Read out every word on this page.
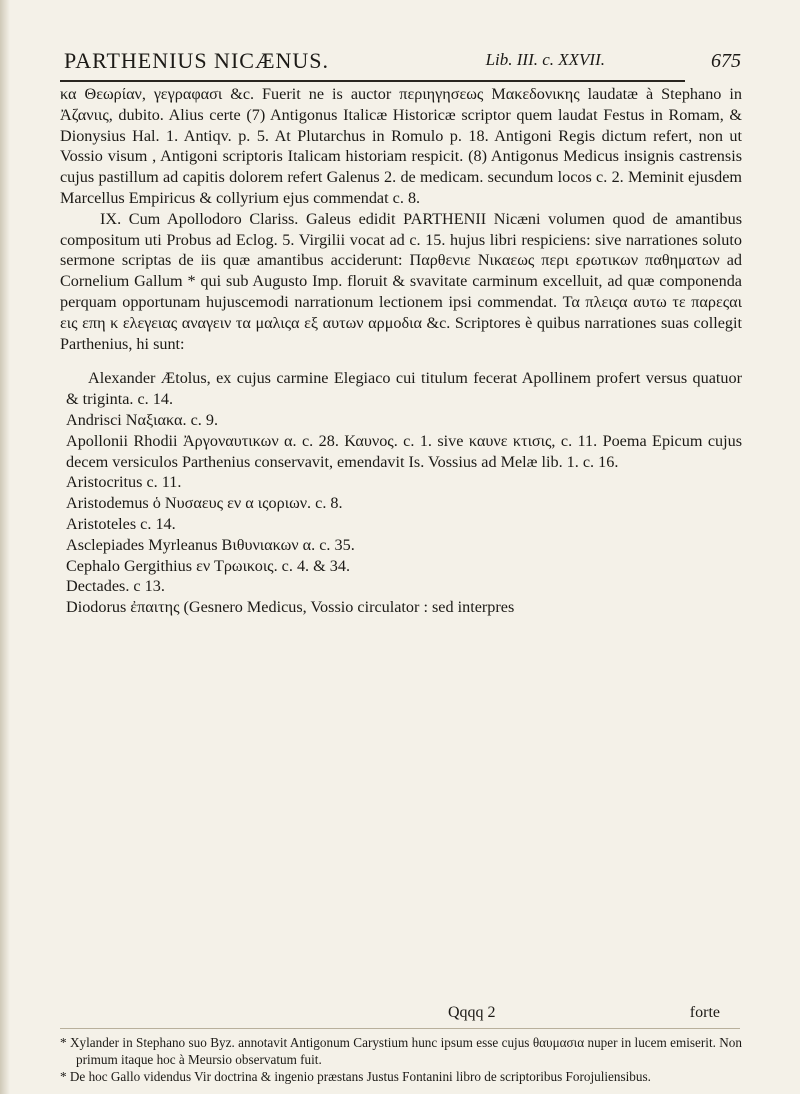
PARTHENIUS NICÆNUS.	Lib. III. c. XXVII.	675

κα Θεωρίαν, γεγραφασι &c. Fuerit ne is auctor περιηγησεως Μακεδονικης laudatæ à Stephano in Ἀζανιις, dubito. Alius certe (7) Antigonus Italicæ Historicæ scriptor quem laudat Festus in Romam, & Dionysius Hal. 1. Antiqv. p. 5. At Plutarchus in Romulo p. 18. Antigoni Regis dictum refert, non ut Vossio visum , Antigoni scriptoris Italicam historiam respicit. (8) Antigonus Medicus insignis castrensis cujus pastillum ad capitis dolorem refert Galenus 2. de medicam. secundum locos c. 2. Meminit ejusdem Marcellus Empiricus & collyrium ejus commendat c. 8.

IX. Cum Apollodoro Clariss. Galeus edidit PARTHENII Nicæni volumen quod de amantibus compositum uti Probus ad Eclog. 5. Virgilii vocat ad c. 15. hujus libri respiciens: sive narrationes soluto sermone scriptas de iis quæ amantibus acciderunt: Παρθενιε Νικαεως περι ερωτικων παθηματων ad Cornelium Gallum * qui sub Augusto Imp. floruit & svavitate carminum excelluit, ad quæ componenda perquam opportunam hujuscemodi narrationum lectionem ipsi commendat. Τα πλειςα αυτω τε παρεςαι εις επη κ ελεγειας αναγειν τα μαλιςα εξ αυτων αρμοδια &c. Scriptores è quibus narrationes suas collegit Parthenius, hi sunt:

Alexander Ætolus, ex cujus carmine Elegiaco cui titulum fecerat Apollinem profert versus quatuor & triginta. c. 14.

Andrisci Ναξιακα. c. 9.

Apollonii Rhodii Ἀργοναυτικων α. c. 28. Καυνος. c. 1. sive καυνε κτισις, c. 11. Poema Epicum cujus decem versiculos Parthenius conservavit, emendavit Is. Vossius ad Melæ lib. 1. c. 16.

Aristocritus c. 11.

Aristodemus ὁ Νυσαευς εν α ιςοριων. c. 8.

Aristoteles c. 14.

Asclepiades Myrleanus Βιθυνιακων α. c. 35.

Cephalo Gergithius εν Τρωικοις. c. 4. & 34.

Dectades. c 13.

Diodorus ἐπαιτης (Gesnero Medicus, Vossio circulator : sed interpres

Qqqq 2	forte

* Xylander in Stephano suo Byz. annotavit Antigonum Carystium hunc ipsum esse cujus θαυμασια nuper in lucem emiserit. Non primum itaque hoc à Meursio observatum fuit.

* De hoc Gallo videndus Vir doctrina & ingenio præstans Justus Fontanini libro de scriptoribus Forojuliensibus.
